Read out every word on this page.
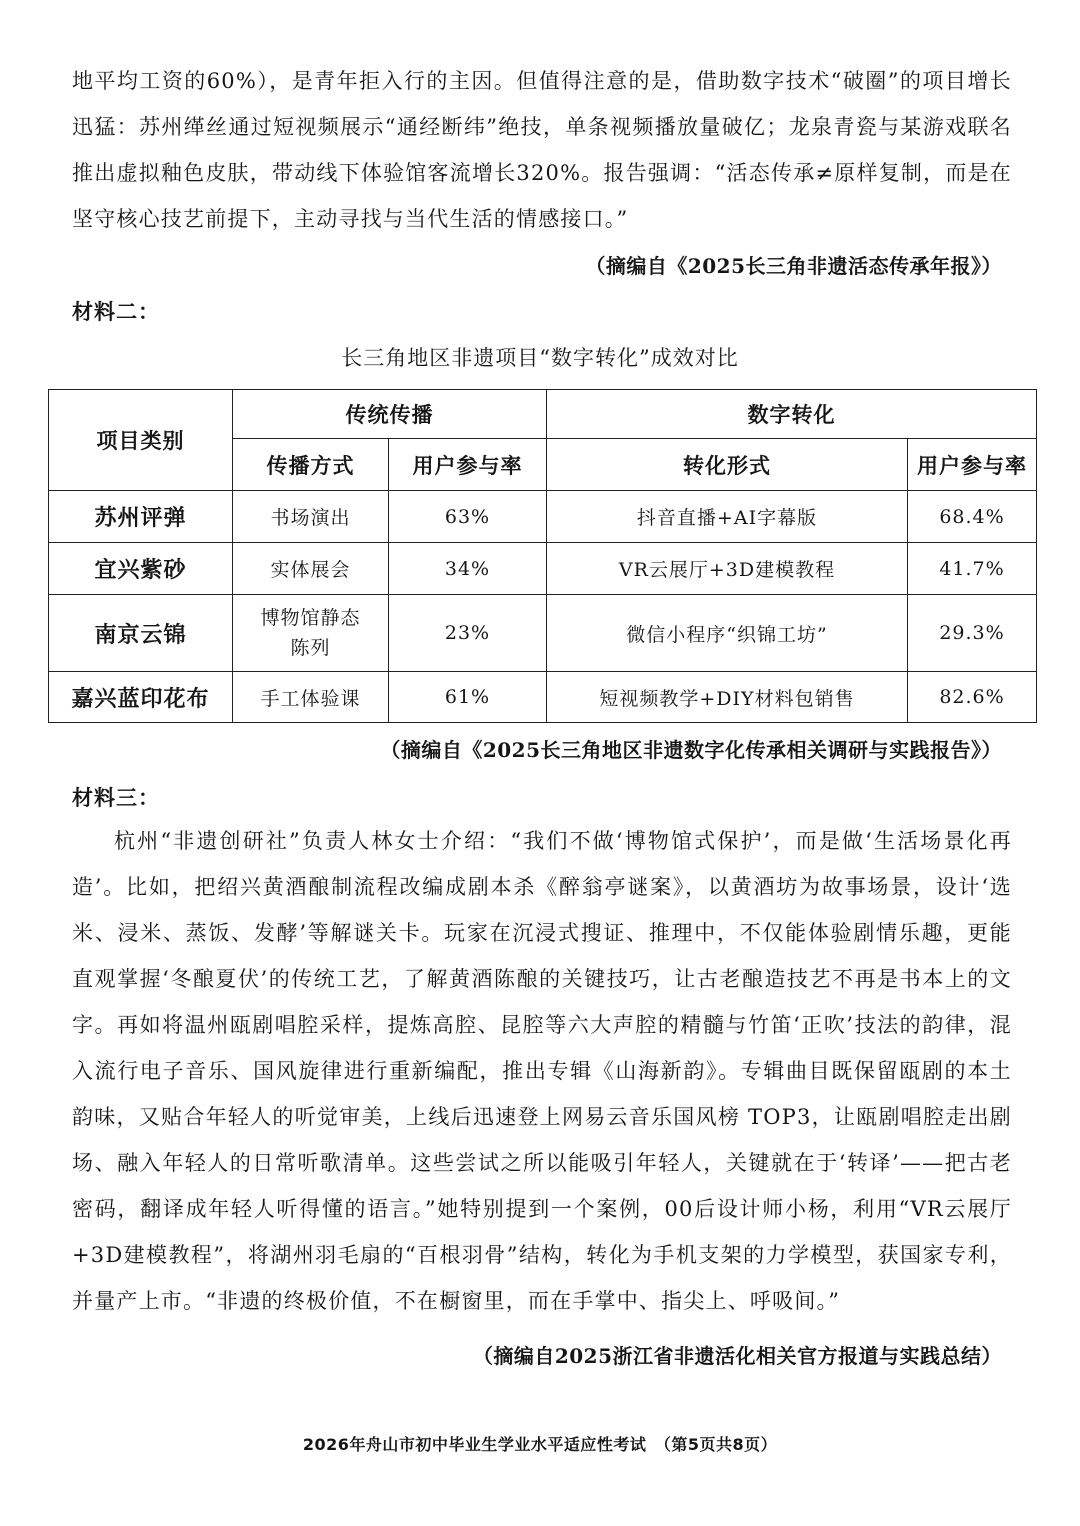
地平均工资的60%），是青年拒入行的主因。但值得注意的是，借助数字技术“破圈”的项目增长迅猛：苏州缂丝通过短视频展示“通经断纬”绝技，单条视频播放量破亿；龙泉青瓷与某游戏联名推出虚拟釉色皮肤，带动线下体验馆客流增长320%。报告强调：“活态传承≠原样复制，而是在坚守核心技艺前提下，主动寻找与当代生活的情感接口。”

（摘编自《2025长三角非遗活态传承年报》）
材料二：
长三角地区非遗项目“数字转化”成效对比
项目类别	传统传播		数字转化	
	传播方式	用户参与率	转化形式	用户参与率
苏州评弹	书场演出	63%	抖音直播+AI字幕版	68.4%
宜兴紫砂	实体展会	34%	VR云展厅+3D建模教程	41.7%
南京云锦	博物馆静态陈列	23%	微信小程序“织锦工坊”	29.3%
嘉兴蓝印花布	手工体验课	61%	短视频教学+DIY材料包销售	82.6%
（摘编自《2025长三角地区非遗数字化传承相关调研与实践报告》）
材料三：

杭州“非遗创研社”负责人林女士介绍：“我们不做‘博物馆式保护’，而是做‘生活场景化再造’。比如，把绍兴黄酒酿制流程改编成剧本杀《醉翁亭谜案》，以黄酒坊为故事场景，设计‘选米、浸米、蒸饭、发酵’等解谜关卡。玩家在沉浸式搜证、推理中，不仅能体验剧情乐趣，更能直观掌握‘冬酿夏伏’的传统工艺，了解黄酒陈酿的关键技巧，让古老酿造技艺不再是书本上的文字。再如将温州瓯剧唱腔采样，提炼高腔、昆腔等六大声腔的精髓与竹笛‘正吹’技法的韵律，混入流行电子音乐、国风旋律进行重新编配，推出专辑《山海新韵》。专辑曲目既保留瓯剧的本土韵味，又贴合年轻人的听觉审美，上线后迅速登上网易云音乐国风榜 TOP3，让瓯剧唱腔走出剧场、融入年轻人的日常听歌清单。这些尝试之所以能吸引年轻人，关键就在于‘转译’——把古老密码，翻译成年轻人听得懂的语言。”她特别提到一个案例，00后设计师小杨，利用“VR云展厅+3D建模教程”，将湖州羽毛扇的“百根羽骨”结构，转化为手机支架的力学模型，获国家专利，并量产上市。“非遗的终极价值，不在橱窗里，而在手掌中、指尖上、呼吸间。”

（摘编自2025浙江省非遗活化相关官方报道与实践总结）
2026年舟山市初中毕业生学业水平适应性考试　（第5页共8页）
